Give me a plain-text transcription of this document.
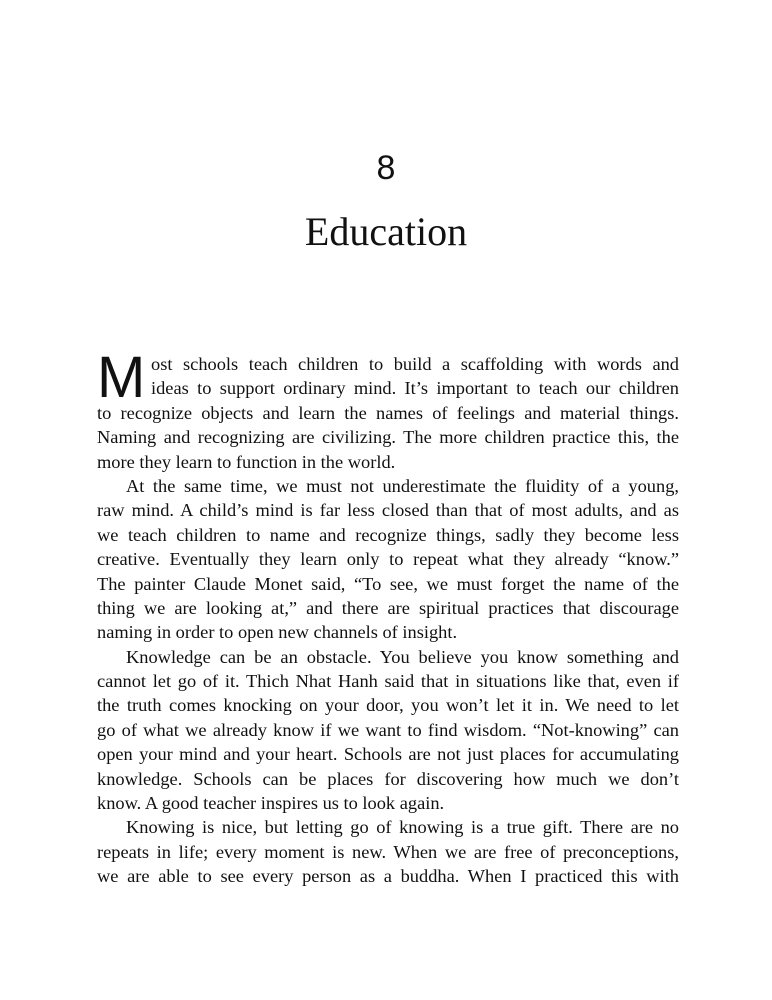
8
Education
M ost schools teach children to build a scaffolding with words and
ideas to support ordinary mind. It’s important to teach our children
to recognize objects and learn the names of feelings and material things.
Naming and recognizing are civilizing. The more children practice this, the
more they learn to function in the world.
At the same time, we must not underestimate the fluidity of a young,
raw mind. A child’s mind is far less closed than that of most adults, and as
we teach children to name and recognize things, sadly they become less
creative. Eventually they learn only to repeat what they already “know.”
The painter Claude Monet said, “To see, we must forget the name of the
thing we are looking at,” and there are spiritual practices that discourage
naming in order to open new channels of insight.
Knowledge can be an obstacle. You believe you know something and
cannot let go of it. Thich Nhat Hanh said that in situations like that, even if
the truth comes knocking on your door, you won’t let it in. We need to let
go of what we already know if we want to find wisdom. “Not-knowing” can
open your mind and your heart. Schools are not just places for accumulating
knowledge. Schools can be places for discovering how much we don’t
know. A good teacher inspires us to look again.
Knowing is nice, but letting go of knowing is a true gift. There are no
repeats in life; every moment is new. When we are free of preconceptions,
we are able to see every person as a buddha. When I practiced this with
